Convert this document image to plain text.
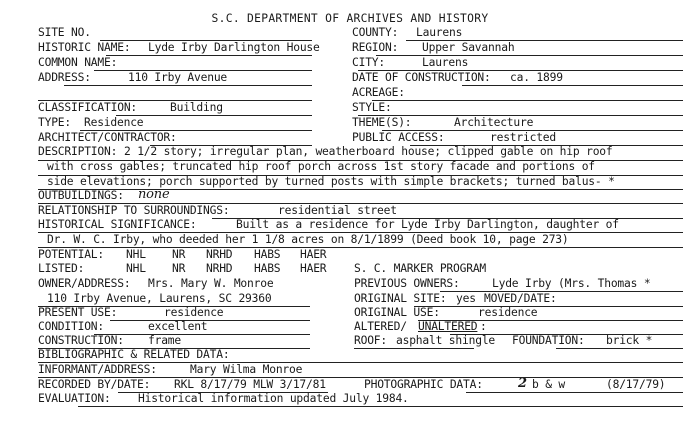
S.C. DEPARTMENT OF ARCHIVES AND HISTORY
SITE NO.	COUNTY: Laurens
HISTORIC NAME: Lyde Irby Darlington House	REGION: Upper Savannah
COMMON NAME:	CITY:	Laurens
ADDRESS:	110 Irby Avenue	DATE OF CONSTRUCTION: ca. 1899
ACREAGE:
CLASSIFICATION:	Building	STYLE:
TYPE: Residence	THEME(S):	Architecture
ARCHITECT/CONTRACTOR:	PUBLIC ACCESS:	restricted
DESCRIPTION: 2 1/2 story; irregular plan, weatherboard house; clipped gable on hip roof
with cross gables; truncated hip roof porch across 1st story facade and portions of
side elevations; porch supported by turned posts with simple brackets; turned balus- *
OUTBUILDINGS: none
RELATIONSHIP TO SURROUNDINGS:	residential street
HISTORICAL SIGNIFICANCE:	Built as a residence for Lyde Irby Darlington, daughter of
Dr. W. C. Irby, who deeded her 1 1/8 acres on 8/1/1899 (Deed book 10, page 273)
POTENTIAL: NHL NR NRHD HABS HAER
LISTED:	NHL NR NRHD HABS HAER S. C. MARKER PROGRAM
OWNER/ADDRESS: Mrs. Mary W. Monroe	PREVIOUS OWNERS:	Lyde Irby (Mrs. Thomas *
110 Irby Avenue, Laurens, SC 29360	ORIGINAL SITE: yes MOVED/DATE:
PRESENT USE:	residence	ORIGINAL USE:	residence
CONDITION:	excellent	ALTERED/ UNALTERED :
CONSTRUCTION: frame	ROOF: asphalt shingle FOUNDATION: brick *
BIBLIOGRAPHIC & RELATED DATA:
INFORMANT/ADDRESS:	Mary Wilma Monroe
RECORDED BY/DATE: RKL 8/17/79 MLW 3/17/81	PHOTOGRAPHIC DATA:	2 b & w	(8/17/79)
EVALUATION: Historical information updated July 1984.
